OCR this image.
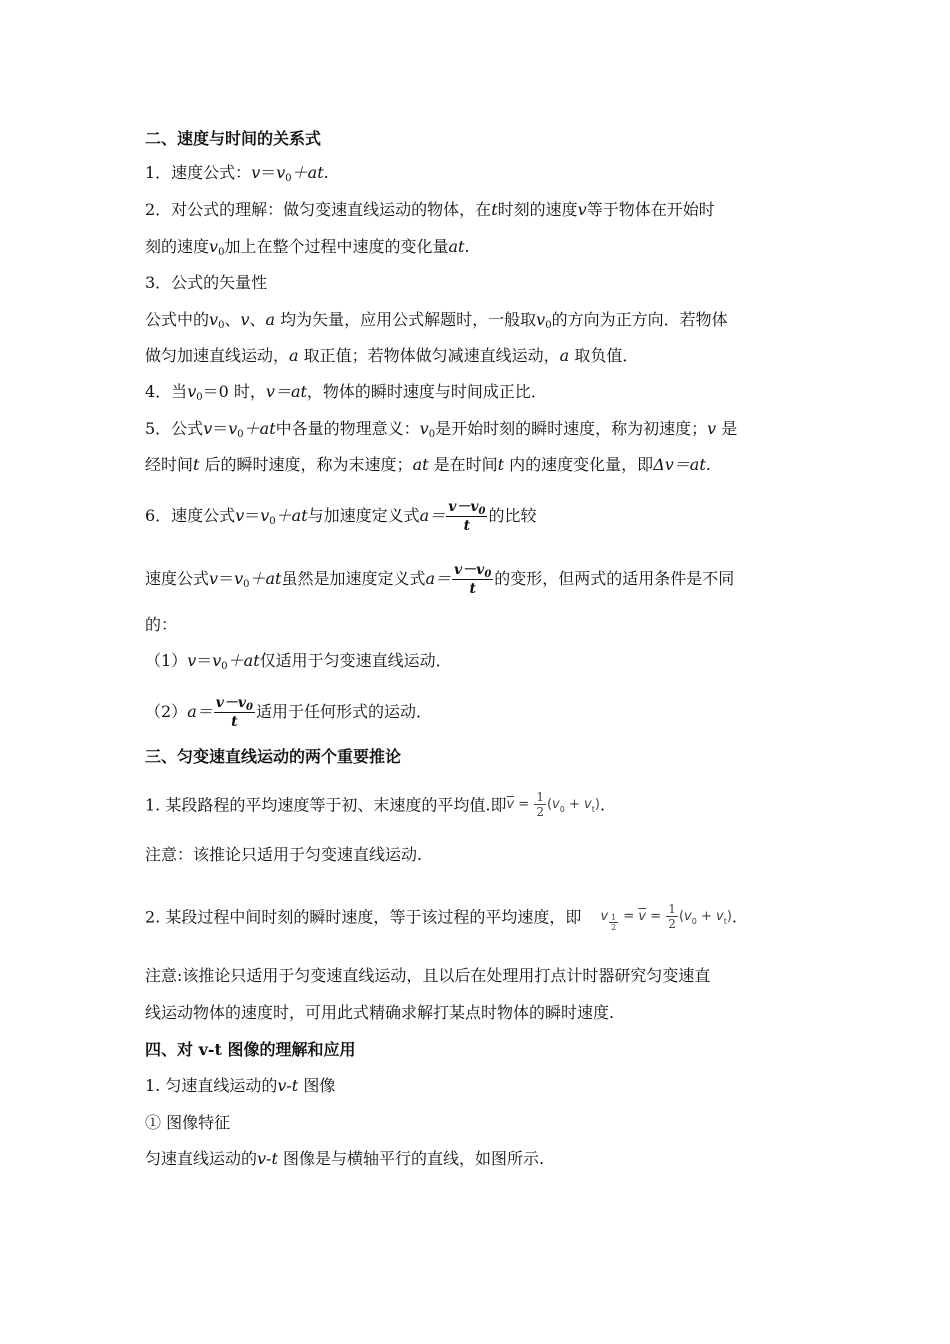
二、速度与时间的关系式
1．速度公式：$v=v_0+at$.
2．对公式的理解：做匀变速直线运动的物体，在t时刻的速度v等于物体在开始时
刻的速度$v_0$加上在整个过程中速度的变化量at.
3．公式的矢量性
公式中的$v_0$、v、a 均为矢量，应用公式解题时，一般取$v_0$的方向为正方向．若物体
做匀加速直线运动，a 取正值；若物体做匀减速直线运动，a 取负值．
4．当$v_0=0$ 时，v＝at，物体的瞬时速度与时间成正比．
5．公式$v=v_0+at$中各量的物理意义：$v_0$是开始时刻的瞬时速度，称为初速度；v 是
经时间t 后的瞬时速度，称为末速度；at 是在时间t 内的速度变化量，即Δv＝at.
6．速度公式$v=v_0+at$与加速度定义式$a= \frac{v-v_0}{t}$ 的比较
速度公式$v=v_0+at$虽然是加速度定义式$a= \frac{v-v_0}{t}$ 的变形，但两式的适用条件是不同
的：
$(1)v=v_0+at$仅适用于匀变速直线运动．
$(2)a= \frac{v-v_0}{t}$ 适用于任何形式的运动．
三、匀变速直线运动的两个重要推论
1. 某段路程的平均速度等于初、末速度的平均值.即$\overline{v} = \frac{1}{2} (v_0 + v_t)$.
注意：该推论只适用于匀变速直线运动.
2. 某段过程中间时刻的瞬时速度，等于该过程的平均速度，即 v $\frac{1}{2} = \overline{v} = \frac{1}{2} (v_0 + v_t)$.
注意:该推论只适用于匀变速直线运动，且以后在处理用打点计时器研究匀变速直
线运动物体的速度时，可用此式精确求解打某点时物体的瞬时速度.
四、对 v-t 图像的理解和应用
1. 匀速直线运动的v-t 图像
① 图像特征
匀速直线运动的v-t 图像是与横轴平行的直线，如图所示.
